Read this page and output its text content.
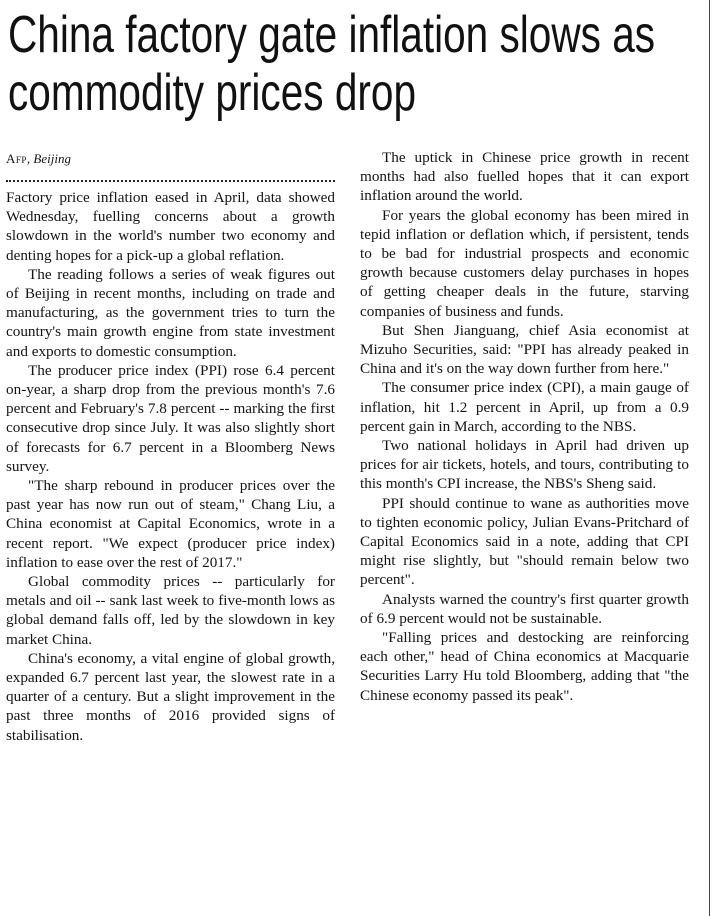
China factory gate inflation slows as commodity prices drop
Afp, Beijing

Factory price inflation eased in April, data showed Wednesday, fuelling concerns about a growth slowdown in the world's number two economy and denting hopes for a pick-up a global reflation.

The reading follows a series of weak figures out of Beijing in recent months, including on trade and manufacturing, as the government tries to turn the country's main growth engine from state investment and exports to domestic consumption.

The producer price index (PPI) rose 6.4 percent on-year, a sharp drop from the previous month's 7.6 percent and February's 7.8 percent -- marking the first consecutive drop since July. It was also slightly short of forecasts for 6.7 percent in a Bloomberg News survey.

"The sharp rebound in producer prices over the past year has now run out of steam," Chang Liu, a China economist at Capital Economics, wrote in a recent report. "We expect (producer price index) inflation to ease over the rest of 2017."

Global commodity prices -- particularly for metals and oil -- sank last week to five-month lows as global demand falls off, led by the slowdown in key market China.

China's economy, a vital engine of global growth, expanded 6.7 percent last year, the slowest rate in a quarter of a century. But a slight improvement in the past three months of 2016 provided signs of stabilisation.

The uptick in Chinese price growth in recent months had also fuelled hopes that it can export inflation around the world.

For years the global economy has been mired in tepid inflation or deflation which, if persistent, tends to be bad for industrial prospects and economic growth because customers delay purchases in hopes of getting cheaper deals in the future, starving companies of business and funds.

But Shen Jianguang, chief Asia economist at Mizuho Securities, said: "PPI has already peaked in China and it's on the way down further from here."

The consumer price index (CPI), a main gauge of inflation, hit 1.2 percent in April, up from a 0.9 percent gain in March, according to the NBS.

Two national holidays in April had driven up prices for air tickets, hotels, and tours, contributing to this month's CPI increase, the NBS's Sheng said.

PPI should continue to wane as authorities move to tighten economic policy, Julian Evans-Pritchard of Capital Economics said in a note, adding that CPI might rise slightly, but "should remain below two percent".

Analysts warned the country's first quarter growth of 6.9 percent would not be sustainable.

"Falling prices and destocking are reinforcing each other," head of China economics at Macquarie Securities Larry Hu told Bloomberg, adding that "the Chinese economy passed its peak".
